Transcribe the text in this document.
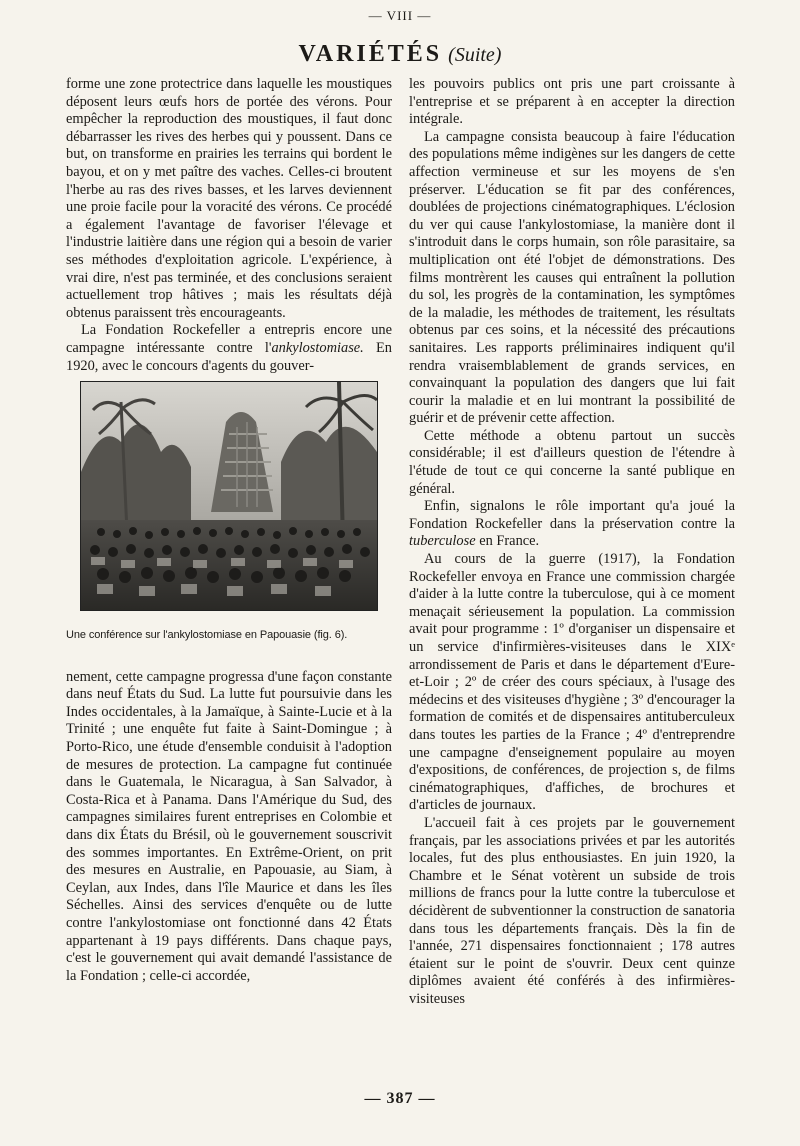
— VIII —
VARIÉTÉS (Suite)

forme une zone protectrice dans laquelle les moustiques déposent leurs œufs hors de portée des vérons. Pour empêcher la reproduction des moustiques, il faut donc débarrasser les rives des herbes qui y poussent. Dans ce but, on transforme en prairies les terrains qui bordent le bayou, et on y met paître des vaches. Celles-ci broutent l'herbe au ras des rives basses, et les larves deviennent une proie facile pour la voracité des vérons. Ce procédé a également l'avantage de favoriser l'élevage et l'industrie laitière dans une région qui a besoin de varier ses méthodes d'exploitation agricole. L'expérience, à vrai dire, n'est pas terminée, et des conclusions seraient actuellement trop hâtives ; mais les résultats déjà obtenus paraissent très encourageants.

La Fondation Rockefeller a entrepris encore une campagne intéressante contre l'ankylostomiase. En 1920, avec le concours d'agents du gouver-

Une conférence sur l'ankylostomiase en Papouasie (fig. 6).

nement, cette campagne progressa d'une façon constante dans neuf États du Sud. La lutte fut poursuivie dans les Indes occidentales, à la Jamaïque, à Sainte-Lucie et à la Trinité ; une enquête fut faite à Saint-Domingue ; à Porto-Rico, une étude d'ensemble conduisit à l'adoption de mesures de protection. La campagne fut continuée dans le Guatemala, le Nicaragua, à San Salvador, à Costa-Rica et à Panama. Dans l'Amérique du Sud, des campagnes similaires furent entreprises en Colombie et dans dix États du Brésil, où le gouvernement souscrivit des sommes importantes. En Extrême-Orient, on prit des mesures en Australie, en Papouasie, au Siam, à Ceylan, aux Indes, dans l'île Maurice et dans les îles Séchelles. Ainsi des services d'enquête ou de lutte contre l'ankylostomiase ont fonctionné dans 42 États appartenant à 19 pays différents. Dans chaque pays, c'est le gouvernement qui avait demandé l'assistance de la Fondation ; celle-ci accordée,

les pouvoirs publics ont pris une part croissante à l'entreprise et se préparent à en accepter la direction intégrale.

La campagne consista beaucoup à faire l'éducation des populations même indigènes sur les dangers de cette affection vermineuse et sur les moyens de s'en préserver. L'éducation se fit par des conférences, doublées de projections cinématographiques. L'éclosion du ver qui cause l'ankylostomiase, la manière dont il s'introduit dans le corps humain, son rôle parasitaire, sa multiplication ont été l'objet de démonstrations. Des films montrèrent les causes qui entraînent la pollution du sol, les progrès de la contamination, les symptômes de la maladie, les méthodes de traitement, les résultats obtenus par ces soins, et la nécessité des précautions sanitaires. Les rapports préliminaires indiquent qu'il rendra vraisemblablement de grands services, en convainquant la population des dangers que lui fait courir la maladie et en lui montrant la possibilité de guérir et de prévenir cette affection.

Cette méthode a obtenu partout un succès considérable; il est d'ailleurs question de l'étendre à l'étude de tout ce qui concerne la santé publique en général.

Enfin, signalons le rôle important qu'a joué la Fondation Rockefeller dans la préservation contre la tuberculose en France.

Au cours de la guerre (1917), la Fondation Rockefeller envoya en France une commission chargée d'aider à la lutte contre la tuberculose, qui à ce moment menaçait sérieusement la population. La commission avait pour programme : 1º d'organiser un dispensaire et un service d'infirmières-visiteuses dans le XIXᵉ arrondissement de Paris et dans le département d'Eure-et-Loir ; 2º de créer des cours spéciaux, à l'usage des médecins et des visiteuses d'hygiène ; 3º d'encourager la formation de comités et de dispensaires antituberculeux dans toutes les parties de la France ; 4º d'entreprendre une campagne d'enseignement populaire au moyen d'expositions, de conférences, de projection s, de films cinématographiques, d'affiches, de brochures et d'articles de journaux.

L'accueil fait à ces projets par le gouvernement français, par les associations privées et par les autorités locales, fut des plus enthousiastes. En juin 1920, la Chambre et le Sénat votèrent un subside de trois millions de francs pour la lutte contre la tuberculose et décidèrent de subventionner la construction de sanatoria dans tous les départements français. Dès la fin de l'année, 271 dispensaires fonctionnaient ; 178 autres étaient sur le point de s'ouvrir. Deux cent quinze diplômes avaient été conférés à des infirmières-visiteuses

— 387 —
